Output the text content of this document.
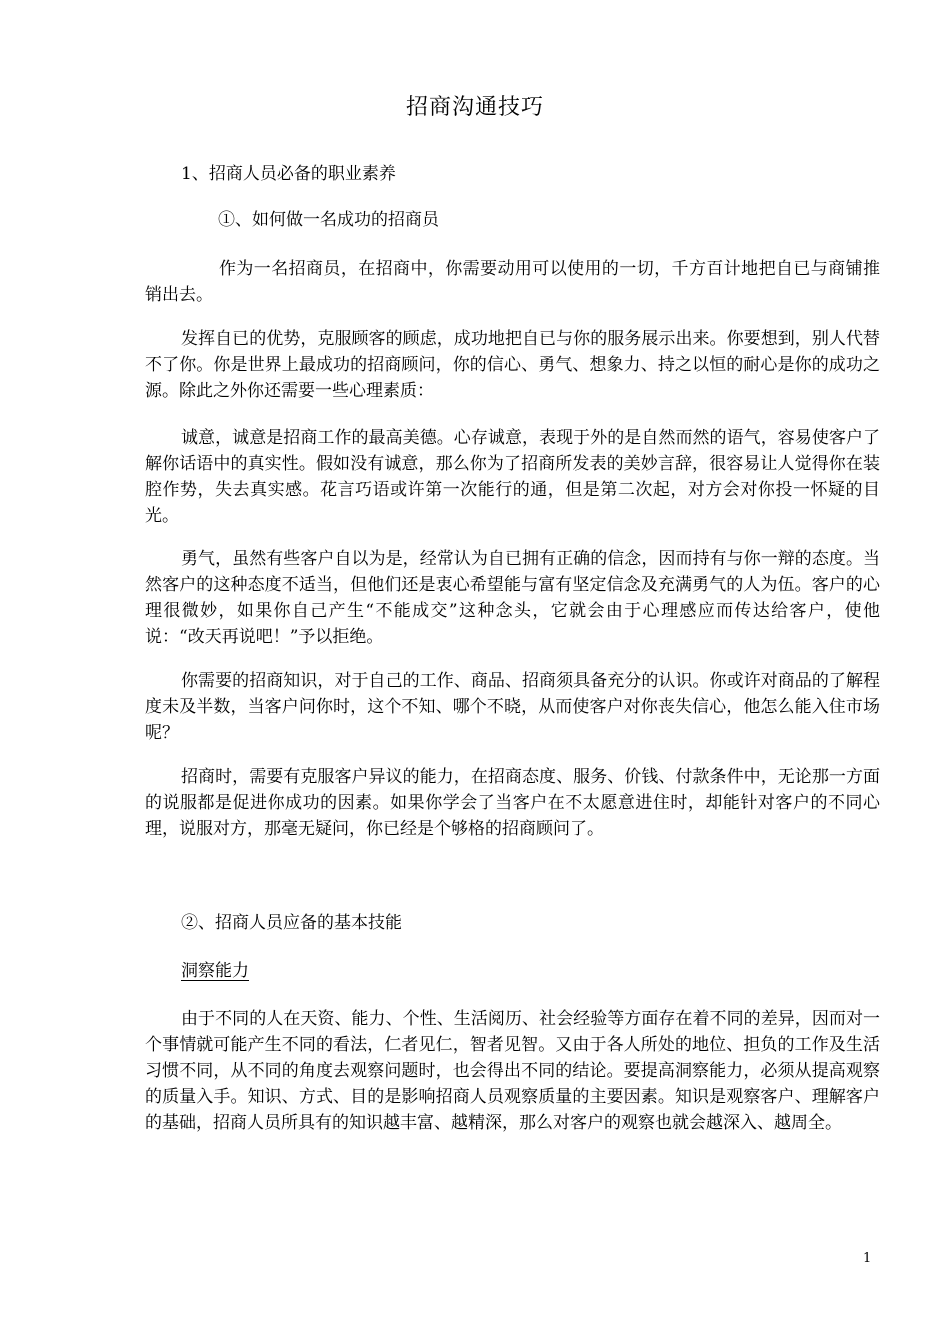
招商沟通技巧
1、招商人员必备的职业素养
①、如何做一名成功的招商员

作为一名招商员，在招商中，你需要动用可以使用的一切，千方百计地把自已与商铺推销出去。

发挥自已的优势，克服顾客的顾虑，成功地把自已与你的服务展示出来。你要想到，别人代替不了你。你是世界上最成功的招商顾问，你的信心、勇气、想象力、持之以恒的耐心是你的成功之源。除此之外你还需要一些心理素质：

诚意，诚意是招商工作的最高美德。心存诚意，表现于外的是自然而然的语气，容易使客户了解你话语中的真实性。假如没有诚意，那么你为了招商所发表的美妙言辞，很容易让人觉得你在装腔作势，失去真实感。花言巧语或许第一次能行的通，但是第二次起，对方会对你投一怀疑的目光。

勇气，虽然有些客户自以为是，经常认为自已拥有正确的信念，因而持有与你一辩的态度。当然客户的这种态度不适当，但他们还是衷心希望能与富有坚定信念及充满勇气的人为伍。客户的心理很微妙，如果你自己产生“不能成交”这种念头，它就会由于心理感应而传达给客户，使他说：“改天再说吧！”予以拒绝。

你需要的招商知识，对于自己的工作、商品、招商须具备充分的认识。你或许对商品的了解程度未及半数，当客户问你时，这个不知、哪个不晓，从而使客户对你丧失信心，他怎么能入住市场呢？

招商时，需要有克服客户异议的能力，在招商态度、服务、价钱、付款条件中，无论那一方面的说服都是促进你成功的因素。如果你学会了当客户在不太愿意进住时，却能针对客户的不同心理，说服对方，那毫无疑问，你已经是个够格的招商顾问了。

②、招商人员应备的基本技能
洞察能力

由于不同的人在天资、能力、个性、生活阅历、社会经验等方面存在着不同的差异，因而对一个事情就可能产生不同的看法，仁者见仁，智者见智。又由于各人所处的地位、担负的工作及生活习惯不同，从不同的角度去观察问题时，也会得出不同的结论。要提高洞察能力，必须从提高观察的质量入手。知识、方式、目的是影响招商人员观察质量的主要因素。知识是观察客户、理解客户的基础，招商人员所具有的知识越丰富、越精深，那么对客户的观察也就会越深入、越周全。

1
